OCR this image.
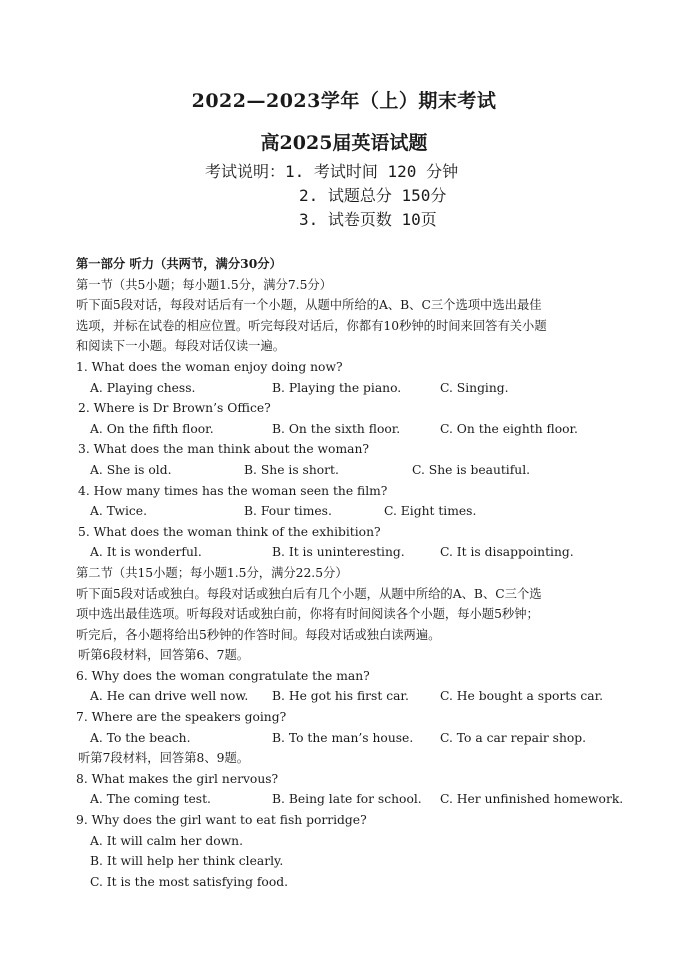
2022—2023学年（上）期末考试
高2025届英语试题
考试说明：1. 考试时间 120 分钟
2. 试题总分 150分
3. 试卷页数 10页
第一部分 听力（共两节，满分30分）
第一节（共5小题；每小题1.5分，满分7.5分）
听下面5段对话，每段对话后有一个小题，从题中所给的A、B、C三个选项中选出最佳
选项，并标在试卷的相应位置。听完每段对话后，你都有10秒钟的时间来回答有关小题
和阅读下一小题。每段对话仅读一遍。
1. What does the woman enjoy doing now?
A. Playing chess.	B. Playing the piano.	C. Singing.
2. Where is Dr Brown’s Office?
A. On the fifth floor.	B. On the sixth floor.	C. On the eighth floor.
3. What does the man think about the woman?
A. She is old.	B. She is short.	C. She is beautiful.
4. How many times has the woman seen the film?
A. Twice.	B. Four times.	C. Eight times.
5. What does the woman think of the exhibition?
A. It is wonderful.	B. It is uninteresting.	C. It is disappointing.
第二节（共15小题；每小题1.5分，满分22.5分）
听下面5段对话或独白。每段对话或独白后有几个小题，从题中所给的A、B、C三个选
项中选出最佳选项。听每段对话或独白前，你将有时间阅读各个小题，每小题5秒钟；
听完后，各小题将给出5秒钟的作答时间。每段对话或独白读两遍。
听第6段材料，回答第6、7题。
6. Why does the woman congratulate the man?
A. He can drive well now. B. He got his first car.	C. He bought a sports car.
7. Where are the speakers going?
A. To the beach.	B. To the man’s house. C. To a car repair shop.
听第7段材料，回答第8、9题。
8. What makes the girl nervous?
A. The coming test.	B. Being late for school. C. Her unfinished homework.
9. Why does the girl want to eat fish porridge?
A. It will calm her down.
B. It will help her think clearly.
C. It is the most satisfying food.
